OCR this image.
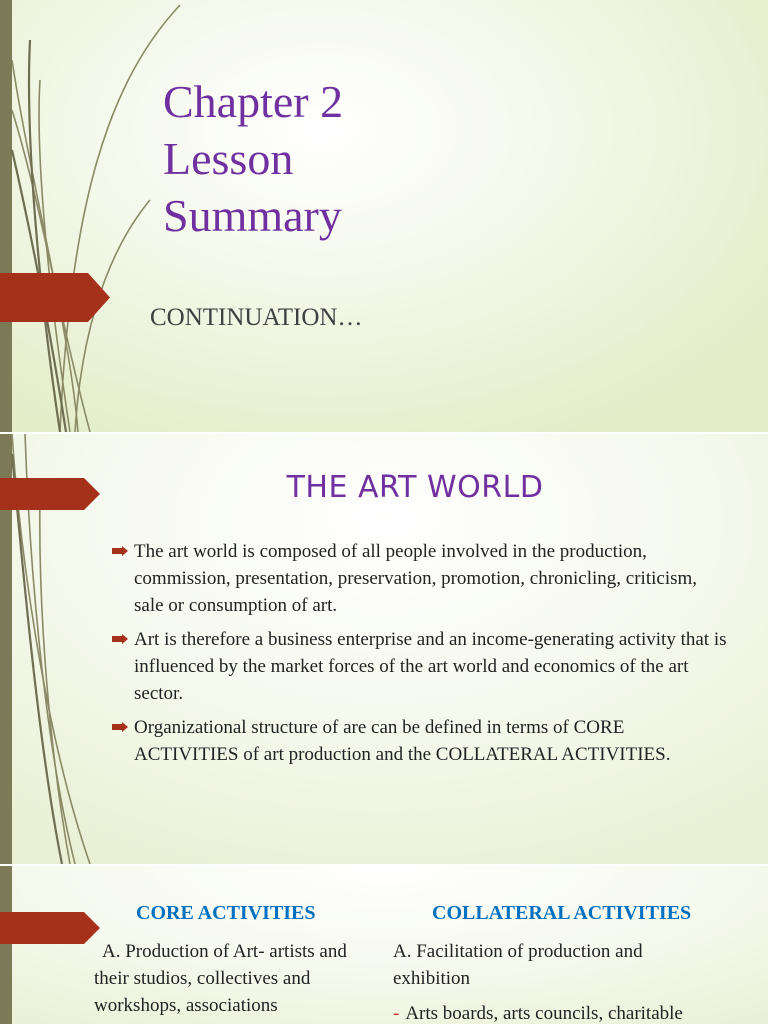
Chapter 2
Lesson
Summary

CONTINUATION…

THE ART WORLD
The art world is composed of all people involved in the production, commission, presentation, preservation, promotion, chronicling, criticism, sale or consumption of art.
Art is therefore a business enterprise and an income-generating activity that is influenced by the market forces of the art world and economics of the art sector.
Organizational structure of are can be defined in terms of CORE ACTIVITIES of art production and the COLLATERAL ACTIVITIES.
CORE ACTIVITIES

A. Production of Art- artists and their studios, collectives and workshops, associations

COLLATERAL ACTIVITIES

A. Facilitation of production and exhibition

- Arts boards, arts councils, charitable
